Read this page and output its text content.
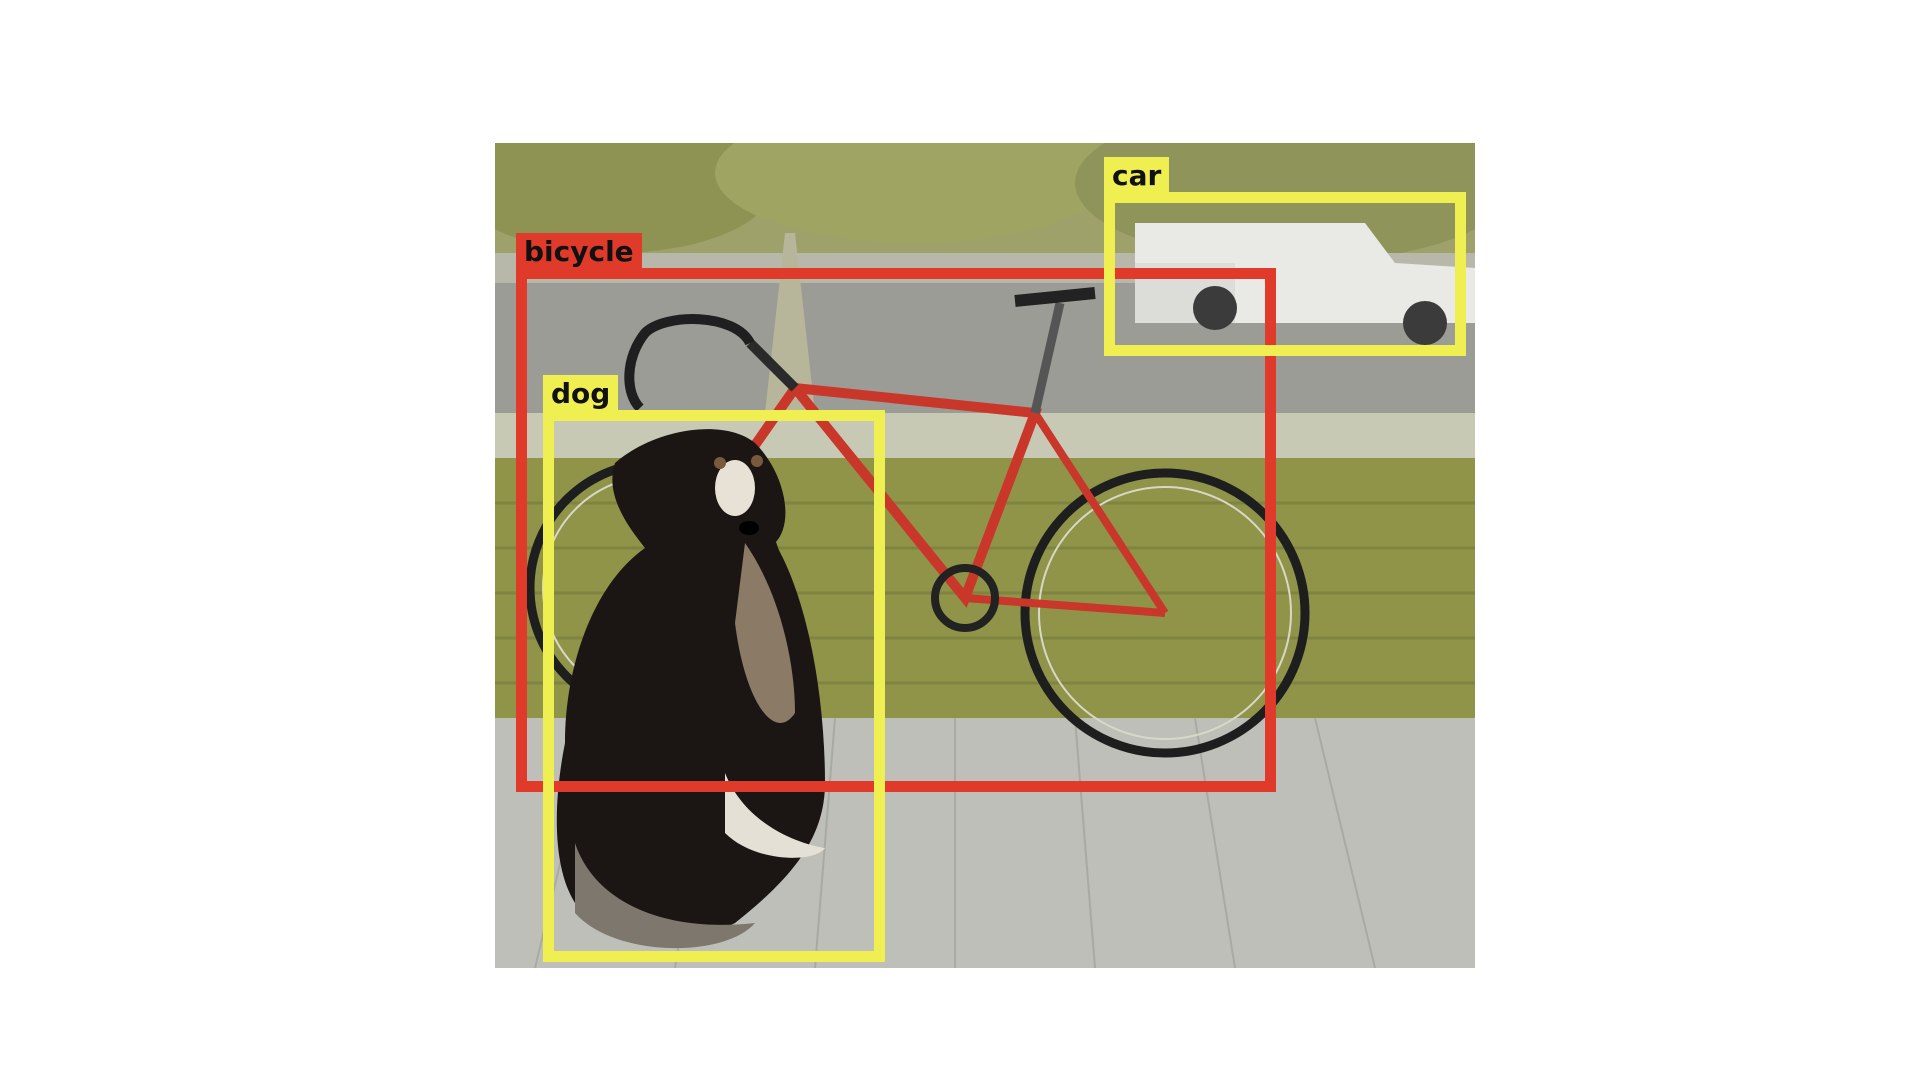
bicycle
dog
car
